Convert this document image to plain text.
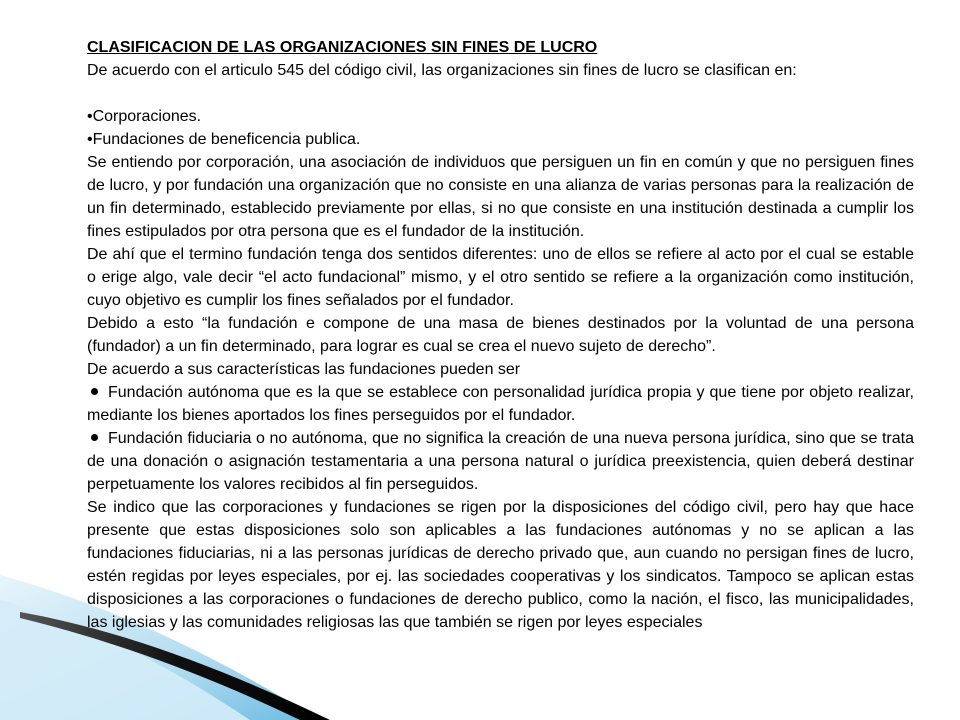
CLASIFICACION DE LAS ORGANIZACIONES SIN FINES DE LUCRO

De acuerdo con el articulo 545 del código civil, las organizaciones sin fines de lucro se clasifican en:

•Corporaciones.

•Fundaciones de beneficencia publica.

Se entiendo por corporación, una asociación de individuos que persiguen un fin en común y que no persiguen fines de lucro, y por fundación una organización que no consiste en una alianza de varias personas para la realización de un fin determinado, establecido previamente por ellas, si no que consiste en una institución destinada a cumplir los fines estipulados por otra persona que es el fundador de la institución.

De ahí que el termino fundación tenga dos sentidos diferentes: uno de ellos se refiere al acto por el cual se estable o erige algo, vale decir “el acto fundacional” mismo, y el otro sentido se refiere a la organización como institución, cuyo objetivo es cumplir los fines señalados por el fundador.

Debido a esto “la fundación e compone de una masa de bienes destinados por la voluntad de una persona (fundador) a un fin determinado, para lograr es cual se crea el nuevo sujeto de derecho”.

De acuerdo a sus características las fundaciones pueden ser

Fundación autónoma que es la que se establece con personalidad jurídica propia y que tiene por objeto realizar, mediante los bienes aportados los fines perseguidos por el fundador.

Fundación fiduciaria o no autónoma, que no significa la creación de una nueva persona jurídica, sino que se trata de una donación o asignación testamentaria a una persona natural o jurídica preexistencia, quien deberá destinar perpetuamente los valores recibidos al fin perseguidos.

Se indico que las corporaciones y fundaciones se rigen por la disposiciones del código civil, pero hay que hace presente que estas disposiciones solo son aplicables a las fundaciones autónomas y no se aplican a las fundaciones fiduciarias, ni a las personas jurídicas de derecho privado que, aun cuando no persigan fines de lucro, estén regidas por leyes especiales, por ej. las sociedades cooperativas y los sindicatos. Tampoco se aplican estas disposiciones a las corporaciones o fundaciones de derecho publico, como la nación, el fisco, las municipalidades, las iglesias y las comunidades religiosas las que también se rigen por leyes especiales
